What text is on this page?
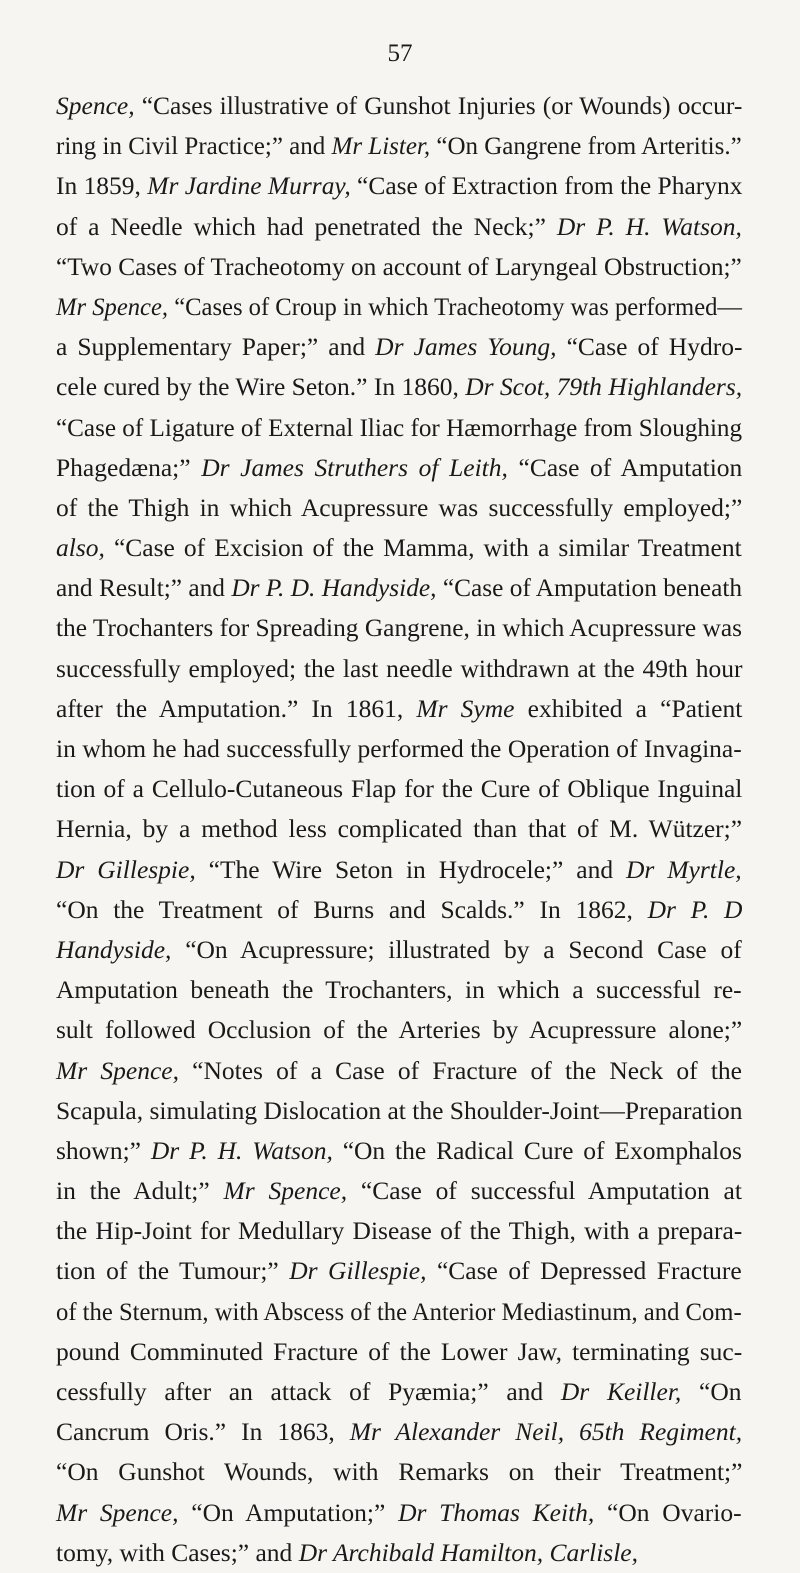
57
Spence, “Cases illustrative of Gunshot Injuries (or Wounds) occur-
ring in Civil Practice;” and Mr Lister, “On Gangrene from Arteritis.”
In 1859, Mr Jardine Murray, “Case of Extraction from the Pharynx
of a Needle which had penetrated the Neck;” Dr P. H. Watson,
“Two Cases of Tracheotomy on account of Laryngeal Obstruction;”
Mr Spence, “Cases of Croup in which Tracheotomy was performed—
a Supplementary Paper;” and Dr James Young, “Case of Hydro-
cele cured by the Wire Seton.” In 1860, Dr Scot, 79th Highlanders,
“Case of Ligature of External Iliac for Hæmorrhage from Sloughing
Phagedæna;” Dr James Struthers of Leith, “Case of Amputation
of the Thigh in which Acupressure was successfully employed;”
also, “Case of Excision of the Mamma, with a similar Treatment
and Result;” and Dr P. D. Handyside, “Case of Amputation beneath
the Trochanters for Spreading Gangrene, in which Acupressure was
successfully employed; the last needle withdrawn at the 49th hour
after the Amputation.” In 1861, Mr Syme exhibited a “Patient
in whom he had successfully performed the Operation of Invagina-
tion of a Cellulo-Cutaneous Flap for the Cure of Oblique Inguinal
Hernia, by a method less complicated than that of M. Wützer;”
Dr Gillespie, “The Wire Seton in Hydrocele;” and Dr Myrtle,
“On the Treatment of Burns and Scalds.” In 1862, Dr P. D
Handyside, “On Acupressure; illustrated by a Second Case of
Amputation beneath the Trochanters, in which a successful re-
sult followed Occlusion of the Arteries by Acupressure alone;”
Mr Spence, “Notes of a Case of Fracture of the Neck of the
Scapula, simulating Dislocation at the Shoulder-Joint—Preparation
shown;” Dr P. H. Watson, “On the Radical Cure of Exomphalos
in the Adult;” Mr Spence, “Case of successful Amputation at
the Hip-Joint for Medullary Disease of the Thigh, with a prepara-
tion of the Tumour;” Dr Gillespie, “Case of Depressed Fracture
of the Sternum, with Abscess of the Anterior Mediastinum, and Com-
pound Comminuted Fracture of the Lower Jaw, terminating suc-
cessfully after an attack of Pyæmia;” and Dr Keiller, “On
Cancrum Oris.” In 1863, Mr Alexander Neil, 65th Regiment,
“On Gunshot Wounds, with Remarks on their Treatment;”
Mr Spence, “On Amputation;” Dr Thomas Keith, “On Ovario-
tomy, with Cases;” and Dr Archibald Hamilton, Carlisle,
